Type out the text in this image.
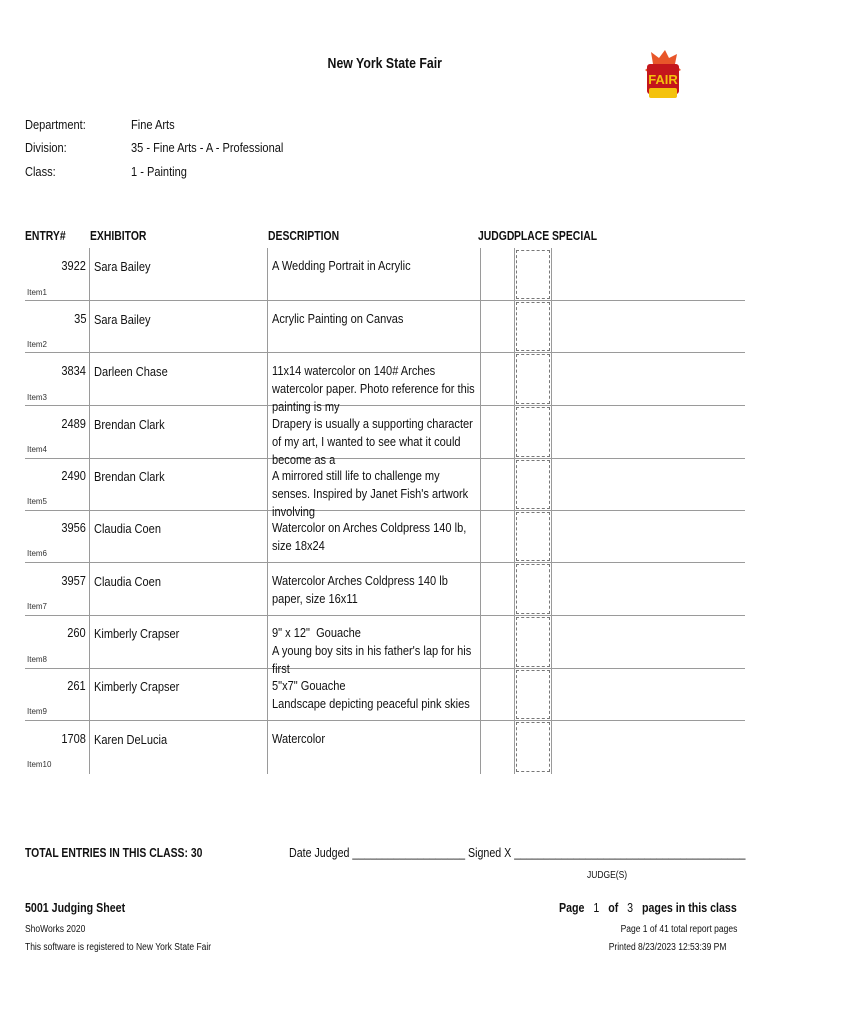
New York State Fair
FAIR
Department:	Fine Arts
Division:	35 - Fine Arts - A - Professional
Class:	1 - Painting
ENTRY#	EXHIBITOR	DESCRIPTION	JUDGD PLACE SPECIAL
3922 Sara Bailey	A Wedding Portrait in Acrylic
Item1
35 Sara Bailey	Acrylic Painting on Canvas
Item2
3834 Darleen Chase	11x14 watercolor on 140# Arches watercolor paper. Photo reference for this painting is my
Item3
2489 Brendan Clark	Drapery is usually a supporting character of my art, I wanted to see what it could become as a
Item4
2490 Brendan Clark	A mirrored still life to challenge my senses. Inspired by Janet Fish's artwork involving
Item5
3956 Claudia Coen	Watercolor on Arches Coldpress 140 lb, size 18x24
Item6
3957 Claudia Coen	Watercolor Arches Coldpress 140 lb paper, size 16x11
Item7
260 Kimberly Crapser	9" x 12"  Gouache
A young boy sits in his father's lap for his first
Item8
261 Kimberly Crapser	5"x7" Gouache
Landscape depicting peaceful pink skies
Item9
1708 Karen DeLucia	Watercolor
Item10
TOTAL ENTRIES IN THIS CLASS: 30	Date Judged ___________________ Signed X _______________________________________
JUDGE(S)
5001 Judging Sheet
ShoWorks 2020
This software is registered to New York State Fair
Page 1 of 3 pages in this class
Page 1 of 41 total report pages
Printed 8/23/2023 12:53:39 PM
